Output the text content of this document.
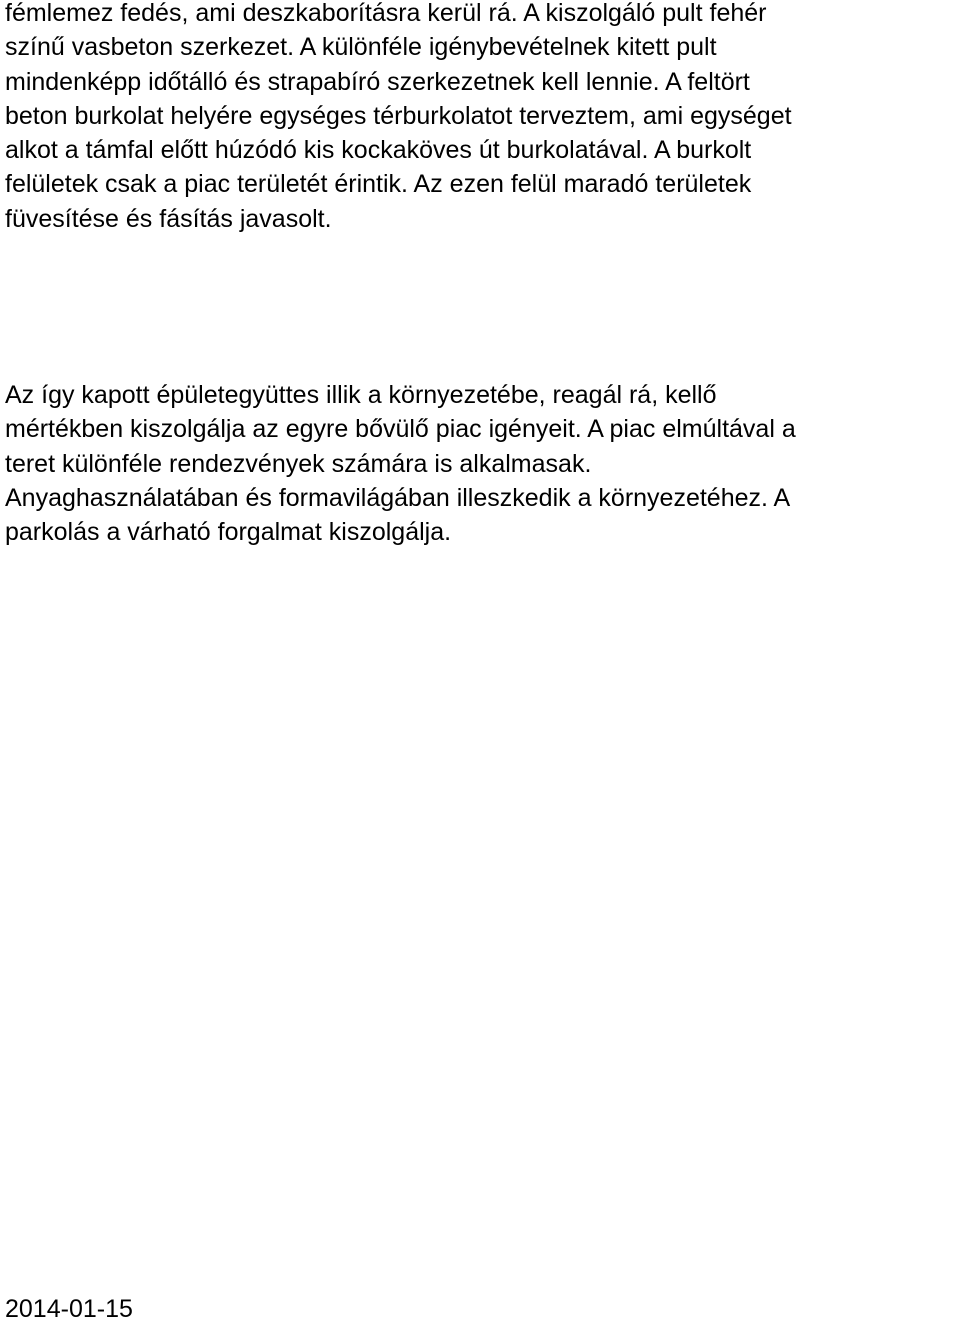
fémlemez fedés, ami deszkaborításra kerül rá. A kiszolgáló pult fehér
színű vasbeton szerkezet. A különféle igénybevételnek kitett pult
mindenképp időtálló és strapabíró szerkezetnek kell lennie. A feltört
beton burkolat helyére egységes térburkolatot terveztem, ami egységet
alkot a támfal előtt húzódó kis kockaköves út burkolatával. A burkolt
felületek csak a piac területét érintik. Az ezen felül maradó területek
füvesítése és fásítás javasolt.

Az így kapott épületegyüttes illik a környezetébe, reagál rá, kellő
mértékben kiszolgálja az egyre bővülő piac igényeit. A piac elmúltával a
teret különféle rendezvények számára is alkalmasak.
Anyaghasználatában és formavilágában illeszkedik a környezetéhez. A
parkolás a várható forgalmat kiszolgálja.

2014-01-15
